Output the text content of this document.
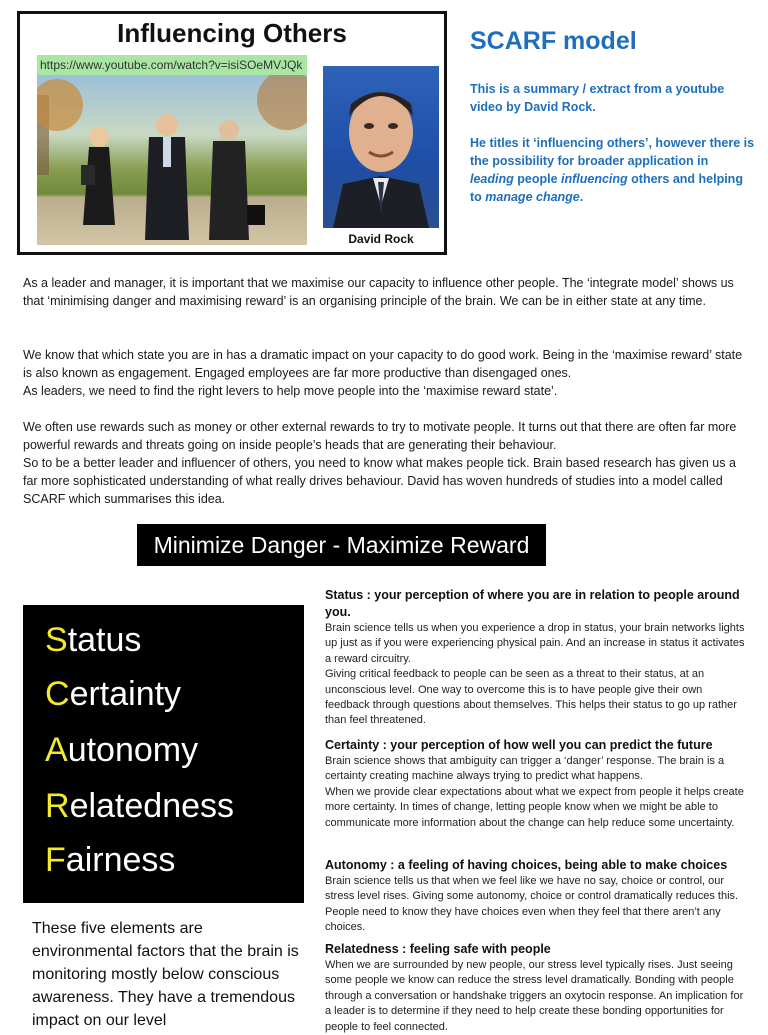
Influencing Others
https://www.youtube.com/watch?v=isiSOeMVJQk
David Rock
SCARF model
This is a summary / extract from a youtube video by David Rock.
He titles it ‘influencing others’, however there is the possibility for broader application in leading people influencing others and helping to manage change.

As a leader and manager, it is important that we maximise our capacity to influence other people. The ‘integrate model’ shows us that ‘minimising danger and maximising reward’ is an organising principle of the brain. We can be in either state at any time.

We know that which state you are in has a dramatic impact on your capacity to do good work. Being in the ‘maximise reward’ state is also known as engagement. Engaged employees are far more productive than disengaged ones.

As leaders, we need to find the right levers to help move people into the ‘maximise reward state’.

We often use rewards such as money or other external rewards to try to motivate people. It turns out that there are often far more powerful rewards and threats going on inside people’s heads that are generating their behaviour.

So to be a better leader and influencer of others, you need to know what makes people tick. Brain based research has given us a far more sophisticated understanding of what really drives behaviour. David has woven hundreds of studies into a model called SCARF which summarises this idea.

Minimize Danger - Maximize Reward
Status
Certainty
Autonomy
Relatedness
Fairness
These five elements are environmental factors that the brain is monitoring mostly below conscious awareness. They have a tremendous impact on our level
Status : your perception of where you are in relation to people around you.

Brain science tells us when you experience a drop in status, your brain networks lights up just as if you were experiencing physical pain. And an increase in status it activates a reward circuitry.

Giving critical feedback to people can be seen as a threat to their status, at an unconscious level. One way to overcome this is to have people give their own feedback through questions about themselves. This helps their status to go up rather than feel threatened.

Certainty : your perception of how well you can predict the future

Brain science shows that ambiguity can trigger a ‘danger’ response. The brain is a certainty creating machine always trying to predict what happens.

When we provide clear expectations about what we expect from people it helps create more certainty. In times of change, letting people know when we might be able to communicate more information about the change can help reduce some uncertainty.

Autonomy : a feeling of having choices, being able to make choices

Brain science tells us that when we feel like we have no say, choice or control, our stress level rises. Giving some autonomy, choice or control dramatically reduces this. People need to know they have choices even when they feel that there aren’t any choices.

Relatedness : feeling safe with people

When we are surrounded by new people, our stress level typically rises. Just seeing some people we know can reduce the stress level dramatically. Bonding with people through a conversation or handshake triggers an oxytocin response. An implication for a leader is to determine if they need to help create these bonding opportunities for people to feel connected.
